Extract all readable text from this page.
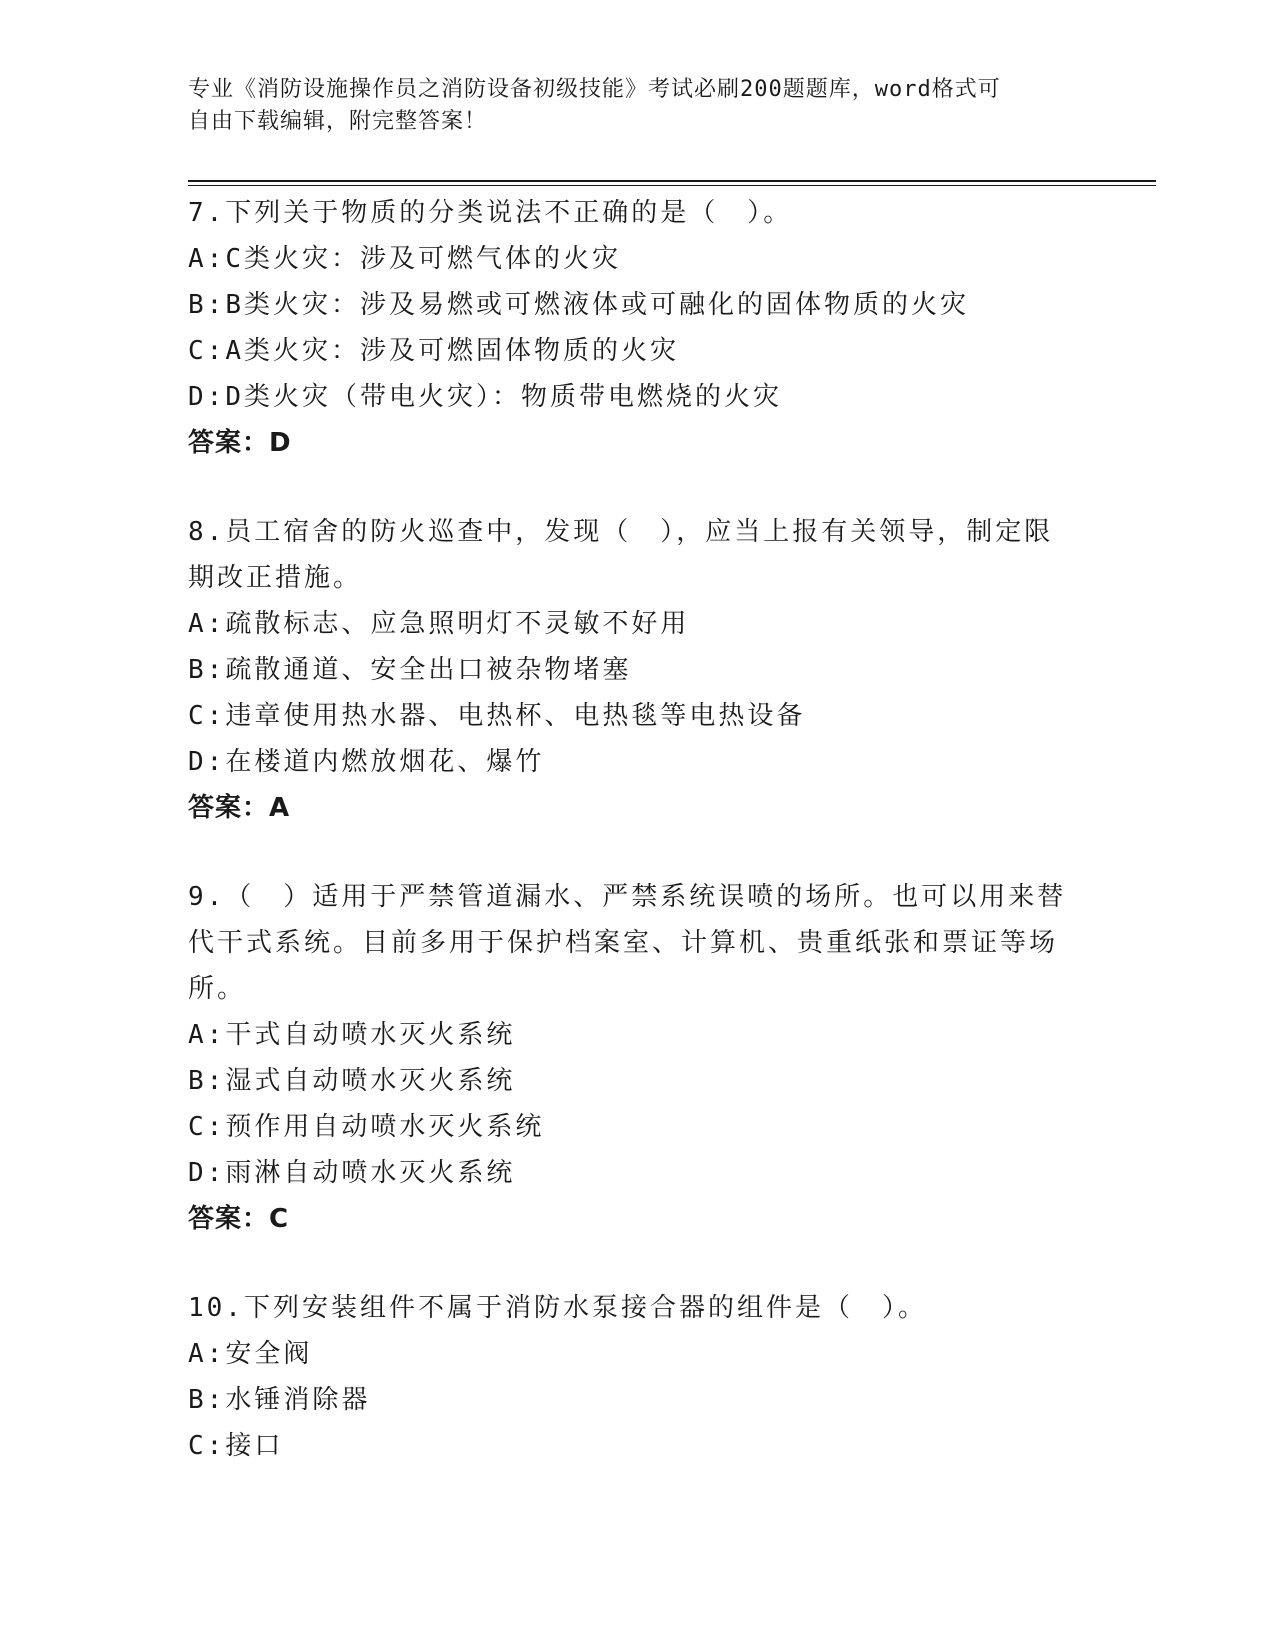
专业《消防设施操作员之消防设备初级技能》考试必刷200题题库，word格式可
自由下载编辑，附完整答案！
7.下列关于物质的分类说法不正确的是（　）。
A:C类火灾：涉及可燃气体的火灾
B:B类火灾：涉及易燃或可燃液体或可融化的固体物质的火灾
C:A类火灾：涉及可燃固体物质的火灾
D:D类火灾（带电火灾）：物质带电燃烧的火灾
答案：D
8.员工宿舍的防火巡查中，发现（　），应当上报有关领导，制定限
期改正措施。
A:疏散标志、应急照明灯不灵敏不好用
B:疏散通道、安全出口被杂物堵塞
C:违章使用热水器、电热杯、电热毯等电热设备
D:在楼道内燃放烟花、爆竹
答案：A
9.（　）适用于严禁管道漏水、严禁系统误喷的场所。也可以用来替
代干式系统。目前多用于保护档案室、计算机、贵重纸张和票证等场
所。
A:干式自动喷水灭火系统
B:湿式自动喷水灭火系统
C:预作用自动喷水灭火系统
D:雨淋自动喷水灭火系统
答案：C
10.下列安装组件不属于消防水泵接合器的组件是（　）。
A:安全阀
B:水锤消除器
C:接口
